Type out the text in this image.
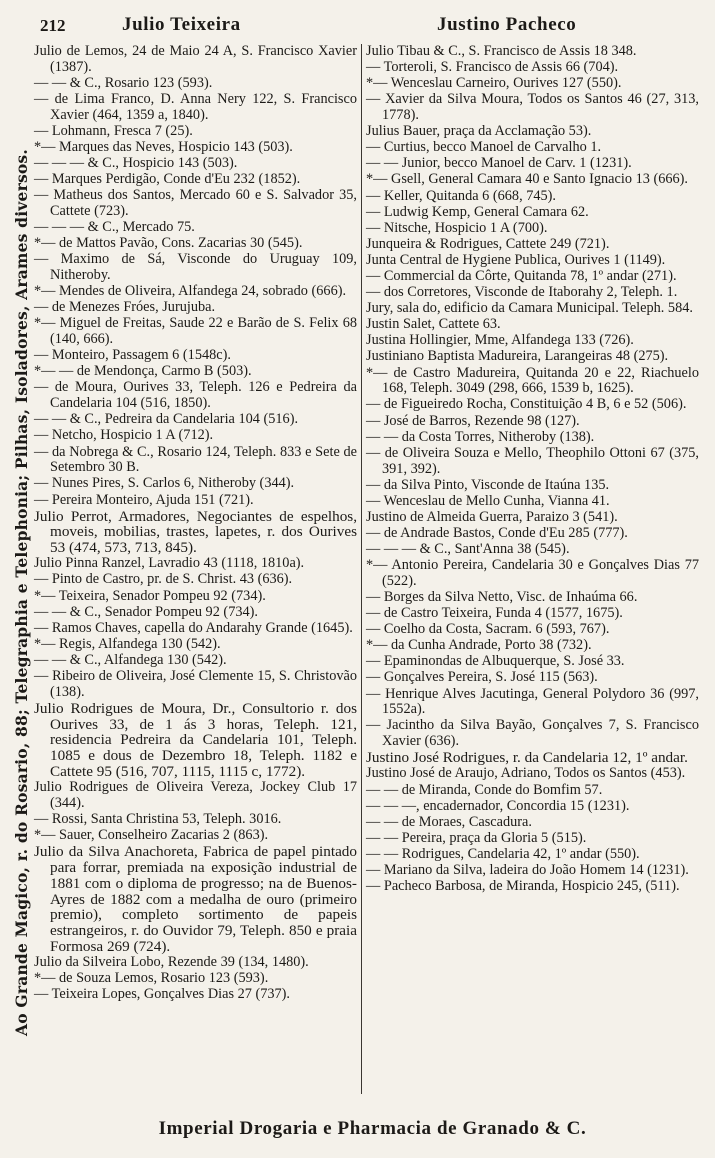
Ao Grande Magico, r. do Rosario, 88; Telegraphia e Telephonia; Pilhas, Isoladores, Arames diversos.
212	Julio Teixeira	Justino Pacheco
Julio de Lemos, 24 de Maio 24 A, S. Francisco Xavier (1387).
— — & C., Rosario 123 (593).
— de Lima Franco, D. Anna Nery 122, S. Francisco Xavier (464, 1359 a, 1840).
— Lohmann, Fresca 7 (25).
*— Marques das Neves, Hospicio 143 (503).
— — — & C., Hospicio 143 (503).
— Marques Perdigão, Conde d'Eu 232 (1852).
— Matheus dos Santos, Mercado 60 e S. Salvador 35, Cattete (723).
— — — & C., Mercado 75.
*— de Mattos Pavão, Cons. Zacarias 30 (545).
— Maximo de Sá, Visconde do Uruguay 109, Nitheroby.
*— Mendes de Oliveira, Alfandega 24, sobrado (666).
— de Menezes Fróes, Jurujuba.
*— Miguel de Freitas, Saude 22 e Barão de S. Felix 68 (140, 666).
— Monteiro, Passagem 6 (1548c).
*— — de Mendonça, Carmo B (503).
— de Moura, Ourives 33, Teleph. 126 e Pedreira da Candelaria 104 (516, 1850).
— — & C., Pedreira da Candelaria 104 (516).
— Netcho, Hospicio 1 A (712).
— da Nobrega & C., Rosario 124, Teleph. 833 e Sete de Setembro 30 B.
— Nunes Pires, S. Carlos 6, Nitheroby (344).
— Pereira Monteiro, Ajuda 151 (721).
Julio Perrot, Armadores, Negociantes de espelhos, moveis, mobilias, trastes, lapetes, r. dos Ourives 53 (474, 573, 713, 845).
Julio Pinna Ranzel, Lavradio 43 (1118, 1810a).
— Pinto de Castro, pr. de S. Christ. 43 (636).
*— Teixeira, Senador Pompeu 92 (734).
— — & C., Senador Pompeu 92 (734).
— Ramos Chaves, capella do Andarahy Grande (1645).
*— Regis, Alfandega 130 (542).
— — & C., Alfandega 130 (542).
— Ribeiro de Oliveira, José Clemente 15, S. Christovão (138).
Julio Rodrigues de Moura, Dr., Consultorio r. dos Ourives 33, de 1 ás 3 horas, Teleph. 121, residencia Pedreira da Candelaria 101, Teleph. 1085 e dous de Dezembro 18, Teleph. 1182 e Cattete 95 (516, 707, 1115, 1115 c, 1772).
Julio Rodrigues de Oliveira Vereza, Jockey Club 17 (344).
— Rossi, Santa Christina 53, Teleph. 3016.
*— Sauer, Conselheiro Zacarias 2 (863).
Julio da Silva Anachoreta, Fabrica de papel pintado para forrar, premiada na exposição industrial de 1881 com o diploma de progresso; na de Buenos-Ayres de 1882 com a medalha de ouro (primeiro premio), completo sortimento de papeis estrangeiros, r. do Ouvidor 79, Teleph. 850 e praia Formosa 269 (724).
Julio da Silveira Lobo, Rezende 39 (134, 1480).
*— de Souza Lemos, Rosario 123 (593).
— Teixeira Lopes, Gonçalves Dias 27 (737).
Julio Tibau & C., S. Francisco de Assis 18 348.
— Torteroli, S. Francisco de Assis 66 (704).
*— Wenceslau Carneiro, Ourives 127 (550).
— Xavier da Silva Moura, Todos os Santos 46 (27, 313, 1778).
Julius Bauer, praça da Acclamação 53).
— Curtius, becco Manoel de Carvalho 1.
— — Junior, becco Manoel de Carv. 1 (1231).
*— Gsell, General Camara 40 e Santo Ignacio 13 (666).
— Keller, Quitanda 6 (668, 745).
— Ludwig Kemp, General Camara 62.
— Nitsche, Hospicio 1 A (700).
Junqueira & Rodrigues, Cattete 249 (721).
Junta Central de Hygiene Publica, Ourives 1 (1149).
— Commercial da Côrte, Quitanda 78, 1º andar (271).
— dos Corretores, Visconde de Itaborahy 2, Teleph. 1.
Jury, sala do, edificio da Camara Municipal. Teleph. 584.
Justin Salet, Cattete 63.
Justina Hollingier, Mme, Alfandega 133 (726).
Justiniano Baptista Madureira, Larangeiras 48 (275).
*— de Castro Madureira, Quitanda 20 e 22, Riachuelo 168, Teleph. 3049 (298, 666, 1539 b, 1625).
— de Figueiredo Rocha, Constituição 4 B, 6 e 52 (506).
— José de Barros, Rezende 98 (127).
— — da Costa Torres, Nitheroby (138).
— de Oliveira Souza e Mello, Theophilo Ottoni 67 (375, 391, 392).
— da Silva Pinto, Visconde de Itaúna 135.
— Wenceslau de Mello Cunha, Vianna 41.
Justino de Almeida Guerra, Paraizo 3 (541).
— de Andrade Bastos, Conde d'Eu 285 (777).
— — — & C., Sant'Anna 38 (545).
*— Antonio Pereira, Candelaria 30 e Gonçalves Dias 77 (522).
— Borges da Silva Netto, Visc. de Inhaúma 66.
— de Castro Teixeira, Funda 4 (1577, 1675).
— Coelho da Costa, Sacram. 6 (593, 767).
*— da Cunha Andrade, Porto 38 (732).
— Epaminondas de Albuquerque, S. José 33.
— Gonçalves Pereira, S. José 115 (563).
— Henrique Alves Jacutinga, General Polydoro 36 (997, 1552a).
— Jacintho da Silva Bayão, Gonçalves 7, S. Francisco Xavier (636).
Justino José Rodrigues, r. da Candelaria 12, 1º andar.
Justino José de Araujo, Adriano, Todos os Santos (453).
— — de Miranda, Conde do Bomfim 57.
— — —, encadernador, Concordia 15 (1231).
— — de Moraes, Cascadura.
— — Pereira, praça da Gloria 5 (515).
— — Rodrigues, Candelaria 42, 1º andar (550).
— Mariano da Silva, ladeira do João Homem 14 (1231).
— Pacheco Barbosa, de Miranda, Hospicio 245, (511).
Imperial Drogaria e Pharmacia de Granado & C.
